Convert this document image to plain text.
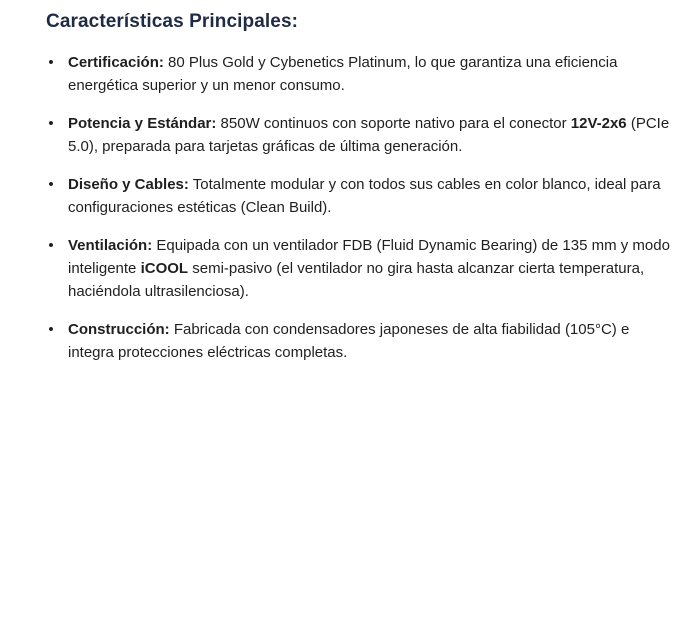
Características Principales:
• Certificación: 80 Plus Gold y Cybenetics Platinum, lo que garantiza una eficiencia energética superior y un menor consumo.
• Potencia y Estándar: 850W continuos con soporte nativo para el conector 12V-2x6 (PCIe 5.0), preparada para tarjetas gráficas de última generación.
• Diseño y Cables: Totalmente modular y con todos sus cables en color blanco, ideal para configuraciones estéticas (Clean Build).
• Ventilación: Equipada con un ventilador FDB (Fluid Dynamic Bearing) de 135 mm y modo inteligente iCOOL semi-pasivo (el ventilador no gira hasta alcanzar cierta temperatura, haciéndola ultrasilenciosa).
• Construcción: Fabricada con condensadores japoneses de alta fiabilidad (105°C) e integra protecciones eléctricas completas.
